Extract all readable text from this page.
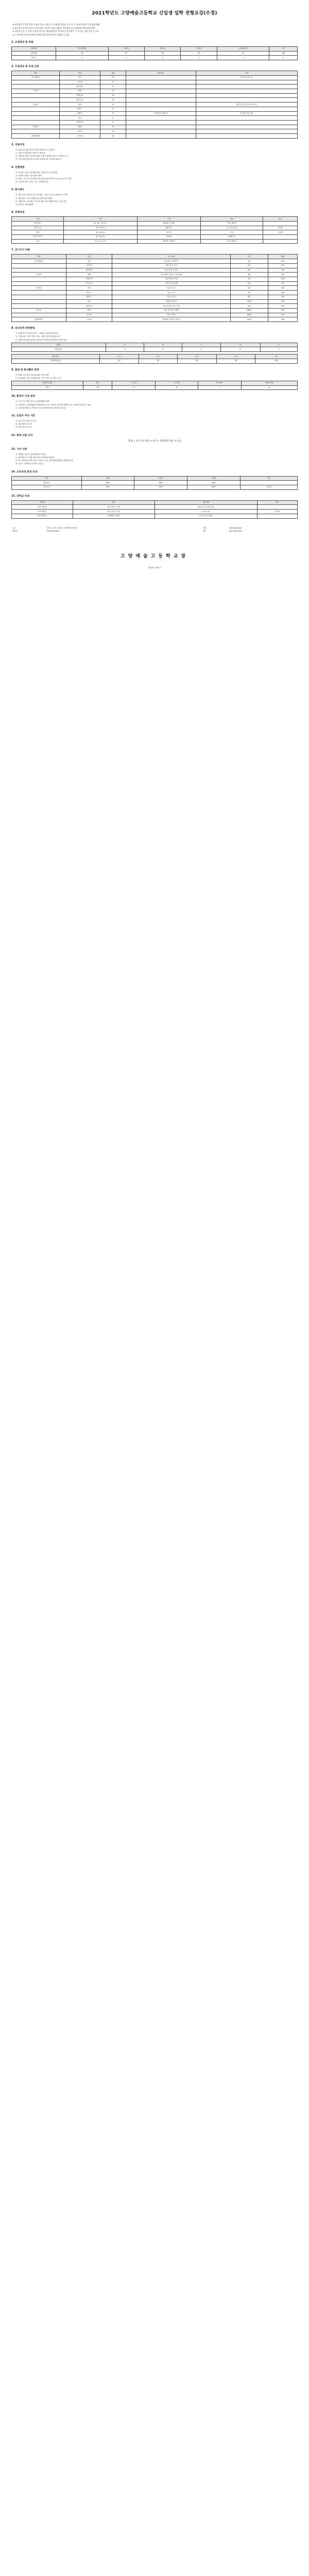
2021학년도 고양예술고등학교 신입생 입학 전형요강(수정)
※ 원서접수는 일반 전형 등록된 학교 소재지 시·도(영재·오재를 주로 내 시·도)에 마감일 전 학교에 제출
※ 원서접수나 입학 전형·고사일 별도 가능한 이(안) 생업은 학교에서 전 문(청년전서)에 관련 출력
※ 전형기간 날 시 중복, 미중선 및 이동 제공과정보로 안내 모든 원서접수 시 중고를 기회 문의 시 공지
※ 그 외 추정 전형 대 현장 사정에 따라 일정 일부가 변경할 수 있음
1. 모집학과 및 정원
모집학과	연극영화과	무용과	음악과	미술과	문예창작과	계
모집정원	32	32	32	32	32	160
학급수	1	1	1	1	1	5
2. 모집전공 및 모집 인원
학과	전공	정원	세부전공	비고
연극영화과	연기	20		전공별 지원 가능
	뮤지컬	6		
	방송영상	6		
무용과	발레	12		
	현대무용	10		
	한국무용	10		
음악과	성악	8		세부 전공별 인원 조정 가능
	피아노	8		
	관현악	8	바이올린, 첼로 외	악기별 인원 조정
	작곡	4		
	실용음악	4		
미술과	회화	16		
	디자인	16		
문예창작과	시·소설	32		
3. 지원자격
가. 2021년 2월 중학교 졸업 예정자 또는 졸업자
나. 중학교 졸업학력 검정고시 합격자
다. 법령에 의하여 중학교 졸업 이상의 학력이 있다고 인정되는 자
라. 기타 관련 법령 및 교육청 지침에 따른 자격을 갖춘 자
4. 전형방법
가. 1단계: 실기고사(지원 학과·전공별 실기 및 면접)
나. 2단계: 중학교 내신성적 반영
다. 최종: 실기고사 성적과 내신성적을 합산하여 고득점자 순으로 선발
라. 동점자 처리 기준은 학교 규정에 따름
5. 원서접수
가. 접수기간: 2020. 10. 19.(월) ~ 10. 21.(수) 09:00~17:00
나. 접수장소: 본교 행정실 및 온라인 원서접수
다. 제출서류: 입학원서, 자기소개서, 학교생활기록부, 사진 2매
라. 전형료: 20,000원
6. 전형일정
구분	일자	시간	장소	비고
원서접수	10. 19.~10. 21.	09:00~17:00	본교 행정실	
실기고사	10. 24.(토)	08:30~	본교 각 실기실	학과별
면접	10. 24.(토)	실기 후	본교	전공별
합격자 발표	10. 30.(금)	14:00	홈페이지	
등록	11. 2.~11. 4.	09:00~16:00	본교 행정실	
7. 실기고사 내용
학과	전공	고사 내용	시간	배점
연극영화과	연기	자유연기, 지정연기	5분	100
	뮤지컬	노래, 연기, 안무	5분	100
	방송영상	자유 연기 및 구술	5분	100
무용과	발레	바 및 센터 테크닉, 자유작품	3분	100
	현대무용	자유작품 및 즉흥	3분	100
	한국무용	기본 및 자유작품	3분	100
음악과	성악	자유곡 2곡	5분	100
	피아노	자유곡 1곡	5분	100
	관현악	자유곡 1곡	5분	100
	작곡	화성학 및 작곡	120분	100
	실용음악	자유곡 연주 또는 가창	5분	100
미술과	회화	인물 및 정물 수채화	180분	100
	디자인	기초 디자인	180분	100
문예창작과	시·소설	백일장(주제 당일 제시)	120분	100
8. 내신성적 반영방법
가. 반영학기: 2학년 1학기 ~ 3학년 2학기(4개 학기)
나. 반영교과: 국어, 영어, 수학, 사회, 과학 및 예술교과
다. 성취도별 환산점수를 적용하여 학기별 반영비율에 따라 산출
성취도	A	B	C	D	E
환산점수	5	4	3	2	1
학년·학기	2-1	2-2	3-1	3-2	계
반영비율(%)	20	20	30	30	100
9. 출결 및 봉사활동 반영
가. 출결: 무단결석 일수에 따라 감점 적용
나. 봉사활동: 학교 규정에 따른 시간 기준으로 점수 부여
무단결석 일수	0일	1~2일	3~5일	6~9일	10일 이상
점수	10	9	8	7	6
10. 합격자 사정 원칙
가. 실기고사 성적 순으로 모집정원을 선발
나. 지원자가 모집정원에 미달하더라도 실기 성적이 기준에 미달할 경우 선발하지 않을 수 있음
다. 부정한 방법으로 합격한 사실이 확인된 경우 합격을 취소함
11. 동점자 처리 기준
가. 실기고사 성적 우수자
나. 내신성적 우수자
다. 출결 성적 우수자
12. 총점 산출 공식
총점 = 실기고사 점수 × 0.7 + 내신성적 점수 × 0.3
13. 기타 사항
가. 제출한 서류는 일체 반환하지 않음
나. 원서접수 후 지원 학과·전공의 변경은 불가함
다. 본 요강에 명시되지 않은 사항은 본교 입학전형위원회의 결정에 따름
라. 문의: 고양예술고등학교 교무실
14. 교육과정 편성 안내
구분	1학년	2학년	3학년	비고
보통교과	60%	50%	40%	
전문교과	40%	50%	60%	학과별
15. 장학금 안내
장학명	대상	지원 내용	비고
입학 장학금	실기 성적 우수자	입학금 및 수업료 일부	
성적 장학금	학기 성적 우수자	수업료 일부	학기별
복지 장학금	가정형편 곤란자	수업료 및 급식비	
주소	경기도 고양시 덕양구 고양예술고등학교	전화	031-000-0000
행정실	031-000-0000	팩스	031-000-0000
고양예술고등학교장
2020년 7월 일
